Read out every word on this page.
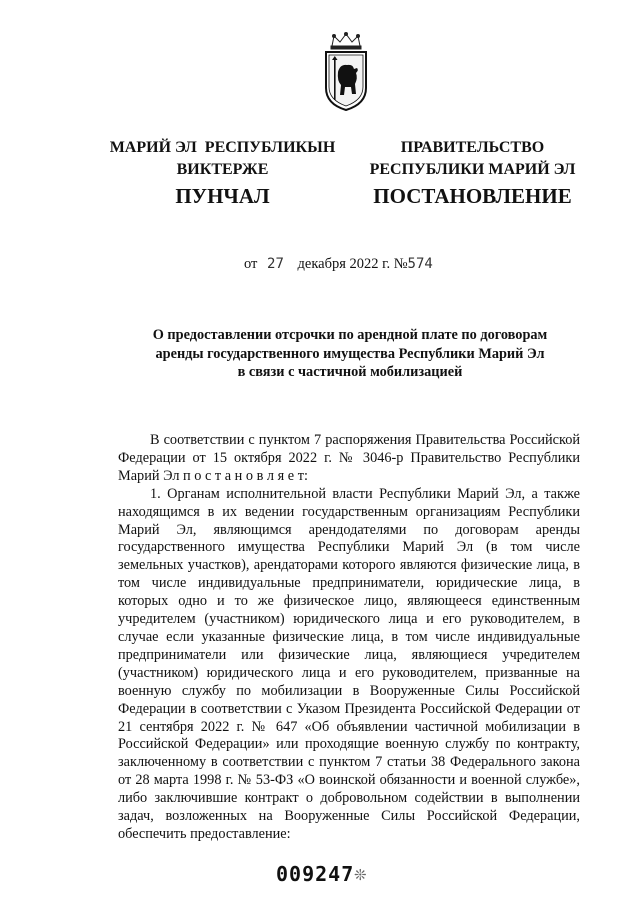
МАРИЙ ЭЛ  РЕСПУБЛИКЫН
ВИКТЕРЖЕ
ПРАВИТЕЛЬСТВО
РЕСПУБЛИКИ МАРИЙ ЭЛ
ПУНЧАЛ	ПОСТАНОВЛЕНИЕ
от 27 декабря 2022 г. №574
О предоставлении отсрочки по арендной плате по договорам
аренды государственного имущества Республики Марий Эл
в связи с частичной мобилизацией

В соответствии с пунктом 7 распоряжения Правительства Российской Федерации от 15 октября 2022 г. № 3046-р Правительство Республики Марий Эл п о с т а н о в л я е т:

1. Органам исполнительной власти Республики Марий Эл, а также находящимся в их ведении государственным организациям Республики Марий Эл, являющимся арендодателями по договорам аренды государственного имущества Республики Марий Эл (в том числе земельных участков), арендаторами которого являются физические лица, в том числе индивидуальные предприниматели, юридические лица, в которых одно и то же физическое лицо, являющееся единственным учредителем (участником) юридического лица и его руководителем, в случае если указанные физические лица, в том числе индивидуальные предприниматели или физические лица, являющиеся учредителем (участником) юридического лица и его руководителем, призванные на военную службу по мобилизации в Вооруженные Силы Российской Федерации в соответствии с Указом Президента Российской Федерации от 21 сентября 2022 г. № 647 «Об объявлении частичной мобилизации в Российской Федерации» или проходящие военную службу по контракту, заключенному в соответствии с пунктом 7 статьи 38 Федерального закона от 28 марта 1998 г. № 53-ФЗ «О воинской обязанности и военной службе», либо заключившие контракт о добровольном содействии в выполнении задач, возложенных на Вооруженные Силы Российской Федерации, обеспечить предоставление:

009247 ❊
